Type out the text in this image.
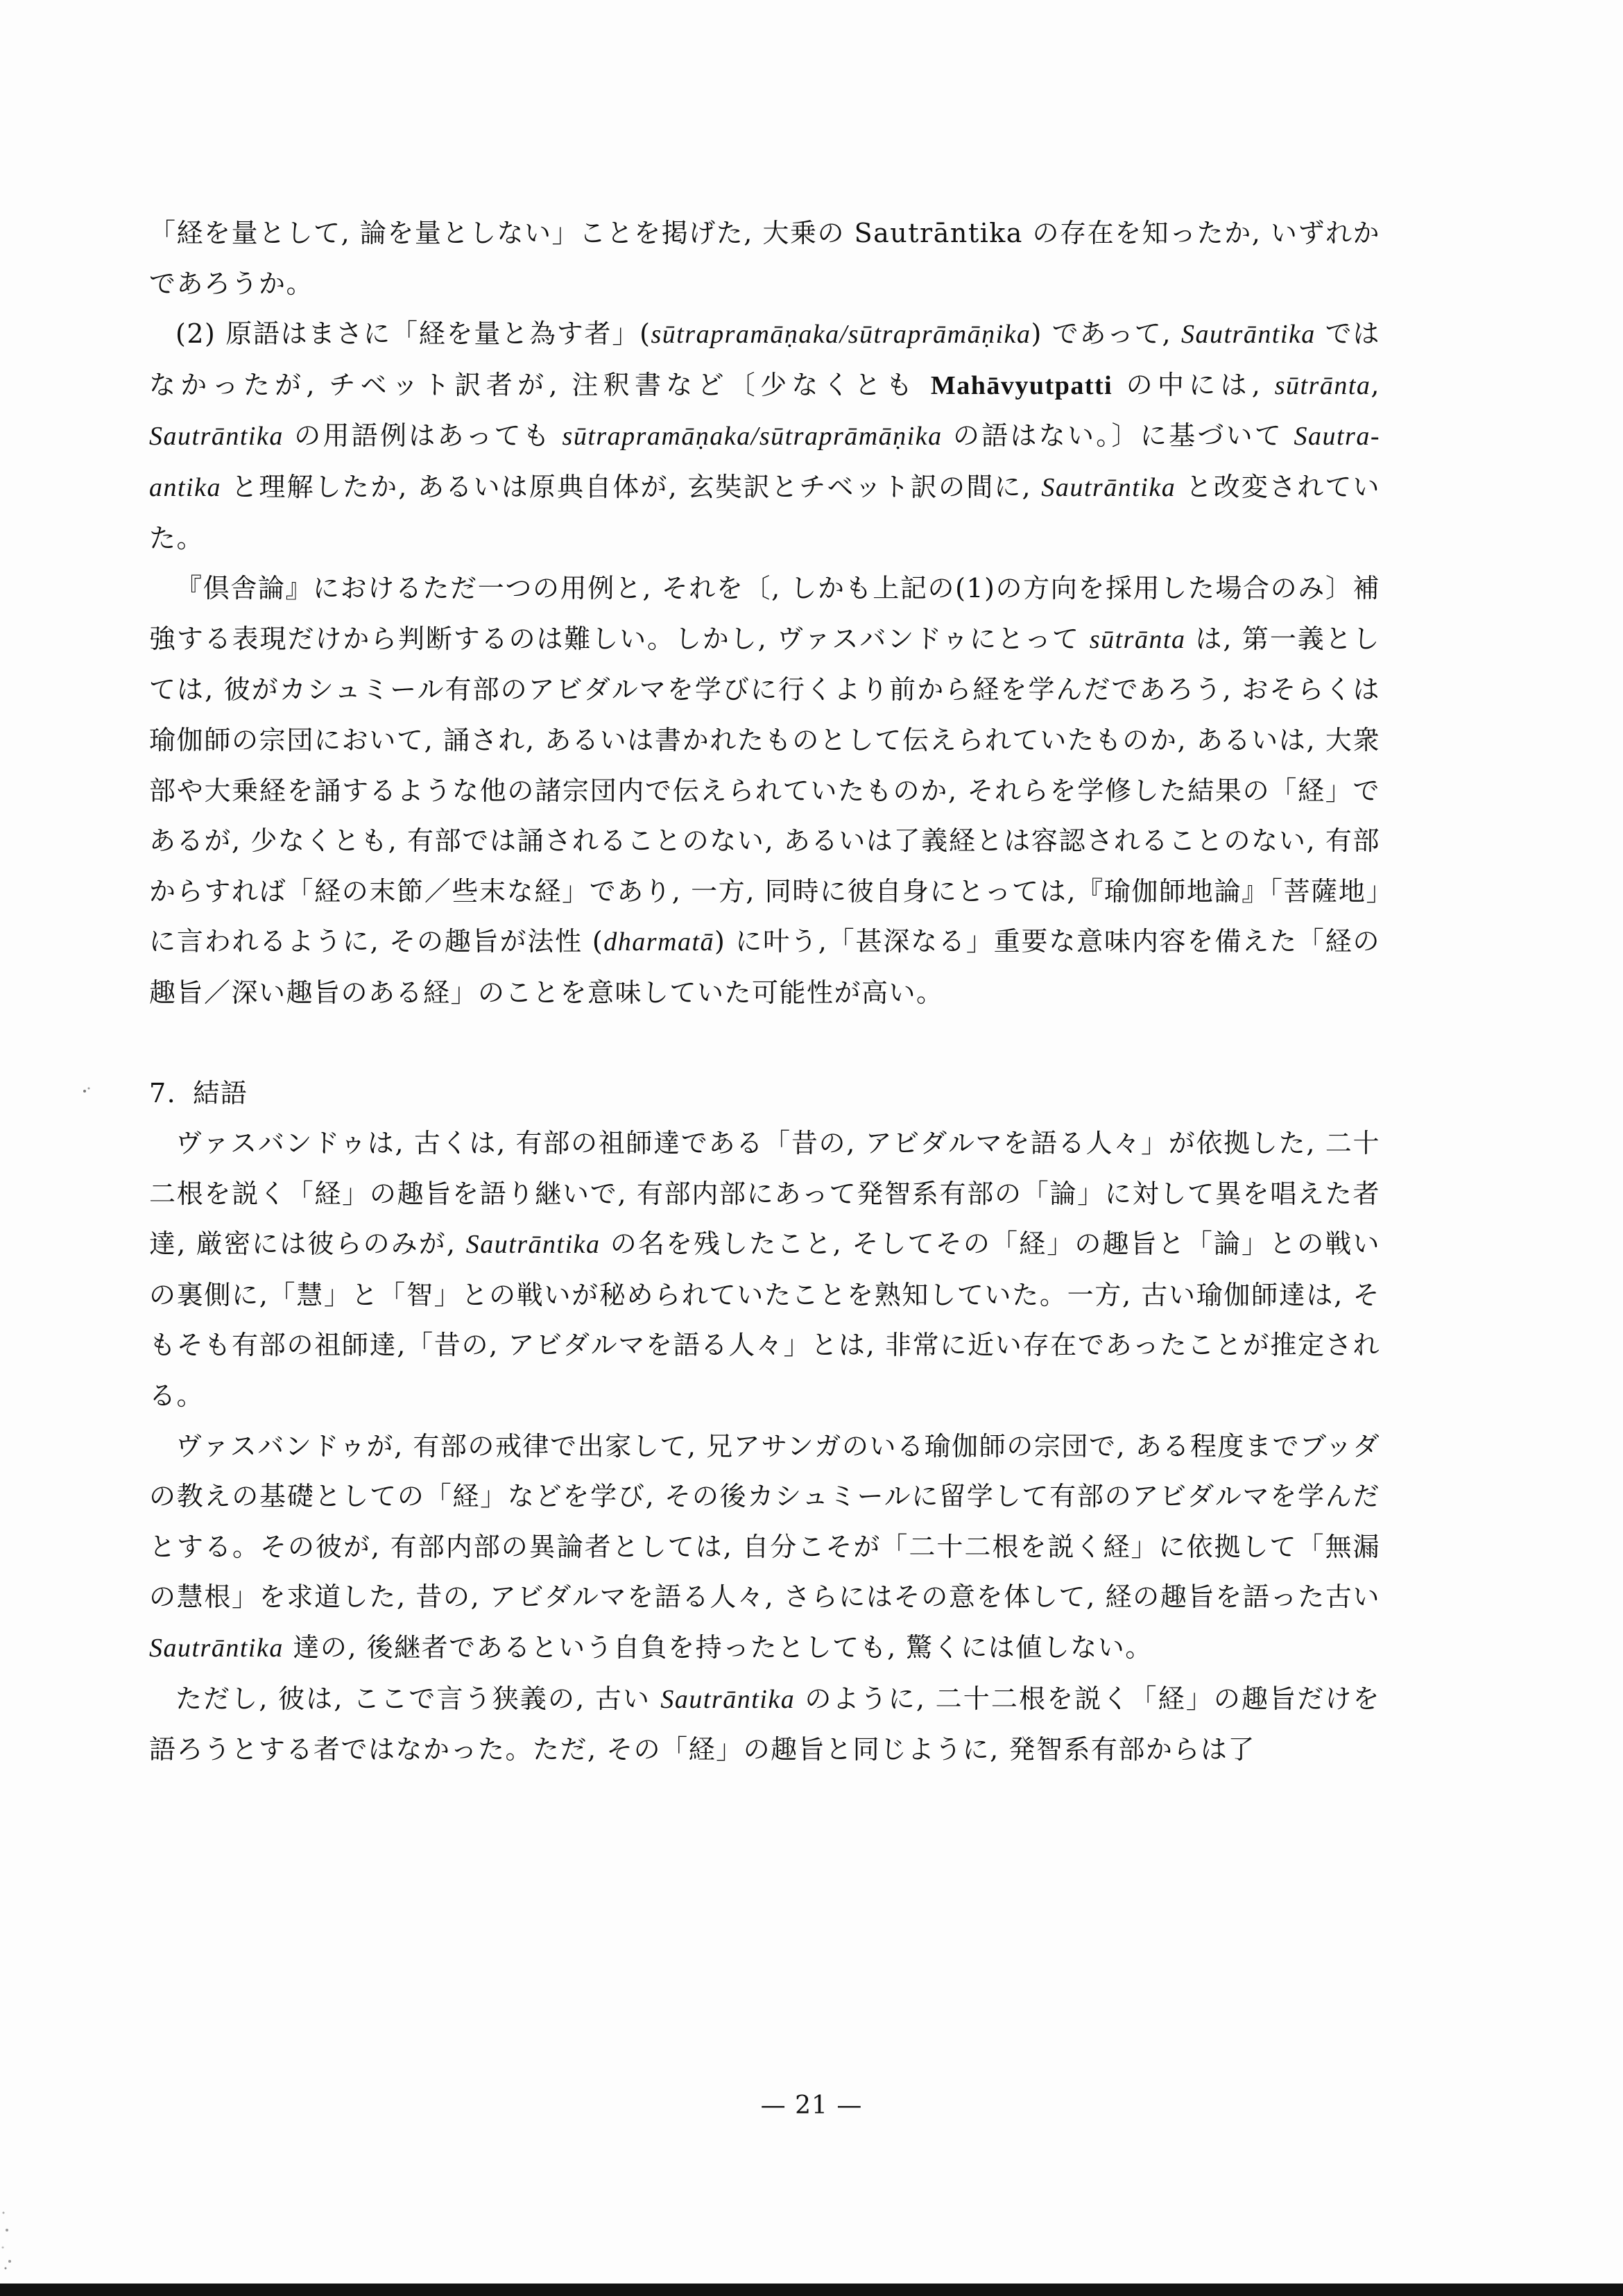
「経を量として, 論を量としない」ことを掲げた, 大乗の Sautrāntika の存在を知ったか, いずれかであろうか。

(2) 原語はまさに「経を量と為す者」(sūtrapramāṇaka/sūtraprāmāṇika) であって, Sautrāntika ではなかったが, チベット訳者が, 注釈書など〔少なくとも Mahāvyutpatti の中には, sūtrānta, Sautrāntika の用語例はあっても sūtrapramāṇaka/sūtraprāmāṇika の語はない。〕に基づいて Sautra-antika と理解したか, あるいは原典自体が, 玄奘訳とチベット訳の間に, Sautrāntika と改変されていた。

『倶舎論』におけるただ一つの用例と, それを〔, しかも上記の(1)の方向を採用した場合のみ〕補強する表現だけから判断するのは難しい。しかし, ヴァスバンドゥにとって sūtrānta は, 第一義としては, 彼がカシュミール有部のアビダルマを学びに行くより前から経を学んだであろう, おそらくは瑜伽師の宗団において, 誦され, あるいは書かれたものとして伝えられていたものか, あるいは, 大衆部や大乗経を誦するような他の諸宗団内で伝えられていたものか, それらを学修した結果の「経」であるが, 少なくとも, 有部では誦されることのない, あるいは了義経とは容認されることのない, 有部からすれば「経の末節／些末な経」であり, 一方, 同時に彼自身にとっては,『瑜伽師地論』「菩薩地」に言われるように, その趣旨が法性 (dharmatā) に叶う,「甚深なる」重要な意味内容を備えた「経の趣旨／深い趣旨のある経」のことを意味していた可能性が高い。

7. 結語

ヴァスバンドゥは, 古くは, 有部の祖師達である「昔の, アビダルマを語る人々」が依拠した, 二十二根を説く「経」の趣旨を語り継いで, 有部内部にあって発智系有部の「論」に対して異を唱えた者達, 厳密には彼らのみが, Sautrāntika の名を残したこと, そしてその「経」の趣旨と「論」との戦いの裏側に,「慧」と「智」との戦いが秘められていたことを熟知していた。一方, 古い瑜伽師達は, そもそも有部の祖師達,「昔の, アビダルマを語る人々」とは, 非常に近い存在であったことが推定される。

ヴァスバンドゥが, 有部の戒律で出家して, 兄アサンガのいる瑜伽師の宗団で, ある程度までブッダの教えの基礎としての「経」などを学び, その後カシュミールに留学して有部のアビダルマを学んだとする。その彼が, 有部内部の異論者としては, 自分こそが「二十二根を説く経」に依拠して「無漏の慧根」を求道した, 昔の, アビダルマを語る人々, さらにはその意を体して, 経の趣旨を語った古い Sautrāntika 達の, 後継者であるという自負を持ったとしても, 驚くには値しない。

ただし, 彼は, ここで言う狭義の, 古い Sautrāntika のように, 二十二根を説く「経」の趣旨だけを語ろうとする者ではなかった。ただ, その「経」の趣旨と同じように, 発智系有部からは了

— 21 —
